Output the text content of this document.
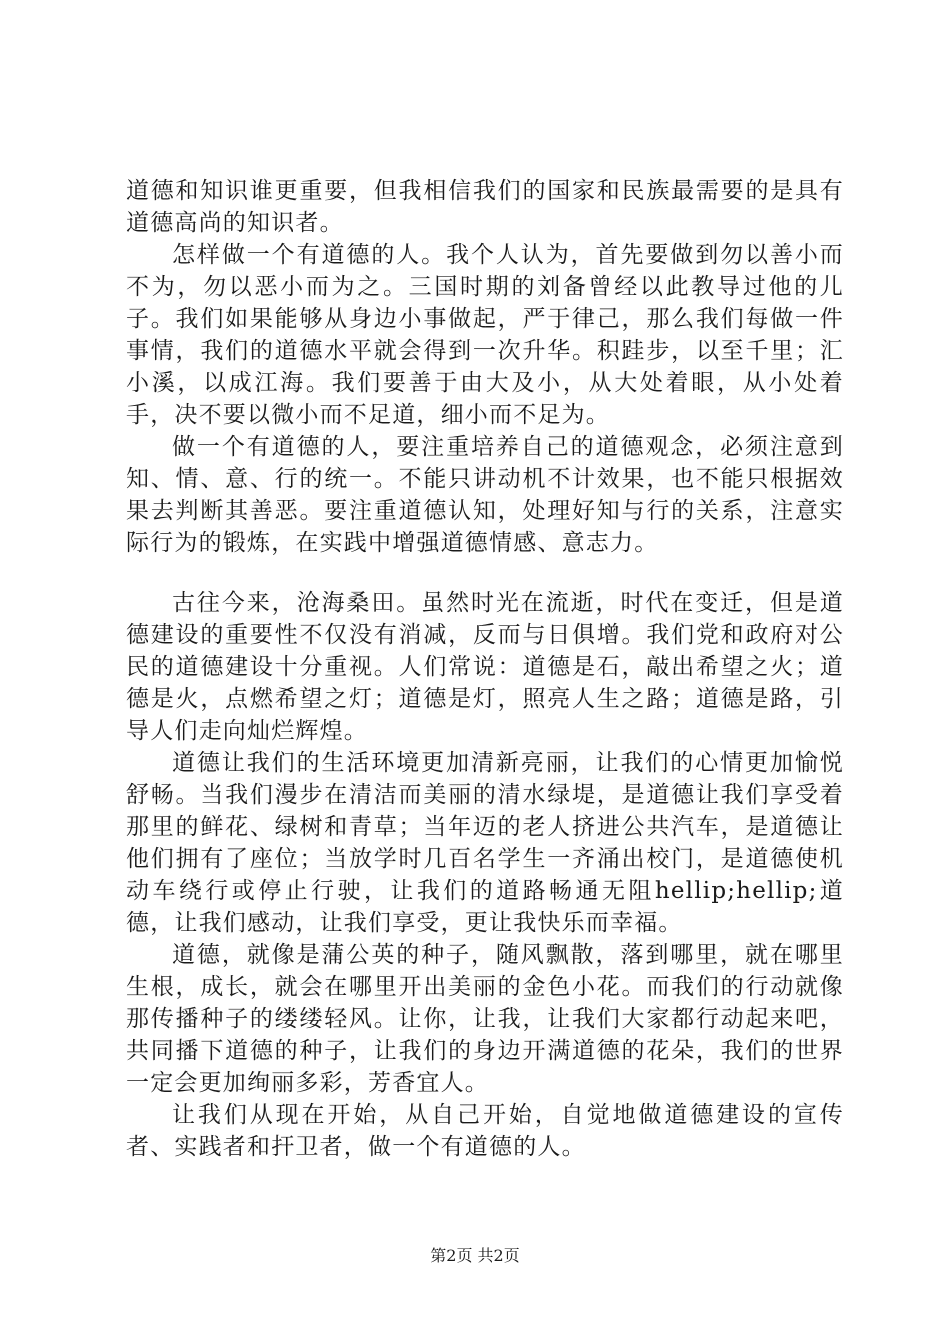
道德和知识谁更重要，但我相信我们的国家和民族最需要的是具有道德高尚的知识者。

怎样做一个有道德的人。我个人认为，首先要做到勿以善小而不为，勿以恶小而为之。三国时期的刘备曾经以此教导过他的儿子。我们如果能够从身边小事做起，严于律己，那么我们每做一件事情，我们的道德水平就会得到一次升华。积跬步，以至千里；汇小溪，以成江海。我们要善于由大及小，从大处着眼，从小处着手，决不要以微小而不足道，细小而不足为。

做一个有道德的人，要注重培养自己的道德观念，必须注意到知、情、意、行的统一。不能只讲动机不计效果，也不能只根据效果去判断其善恶。要注重道德认知，处理好知与行的关系，注意实际行为的锻炼，在实践中增强道德情感、意志力。

古往今来，沧海桑田。虽然时光在流逝，时代在变迁，但是道德建设的重要性不仅没有消减，反而与日俱增。我们党和政府对公民的道德建设十分重视。人们常说：道德是石，敲出希望之火；道德是火，点燃希望之灯；道德是灯，照亮人生之路；道德是路，引导人们走向灿烂辉煌。

道德让我们的生活环境更加清新亮丽，让我们的心情更加愉悦舒畅。当我们漫步在清洁而美丽的清水绿堤，是道德让我们享受着那里的鲜花、绿树和青草；当年迈的老人挤进公共汽车，是道德让他们拥有了座位；当放学时几百名学生一齐涌出校门，是道德使机动车绕行或停止行驶，让我们的道路畅通无阻hellip;hellip;道德，让我们感动，让我们享受，更让我快乐而幸福。

道德，就像是蒲公英的种子，随风飘散，落到哪里，就在哪里生根，成长，就会在哪里开出美丽的金色小花。而我们的行动就像那传播种子的缕缕轻风。让你，让我，让我们大家都行动起来吧，共同播下道德的种子，让我们的身边开满道德的花朵，我们的世界一定会更加绚丽多彩，芳香宜人。

让我们从现在开始，从自己开始，自觉地做道德建设的宣传者、实践者和扞卫者，做一个有道德的人。

第2页 共2页
